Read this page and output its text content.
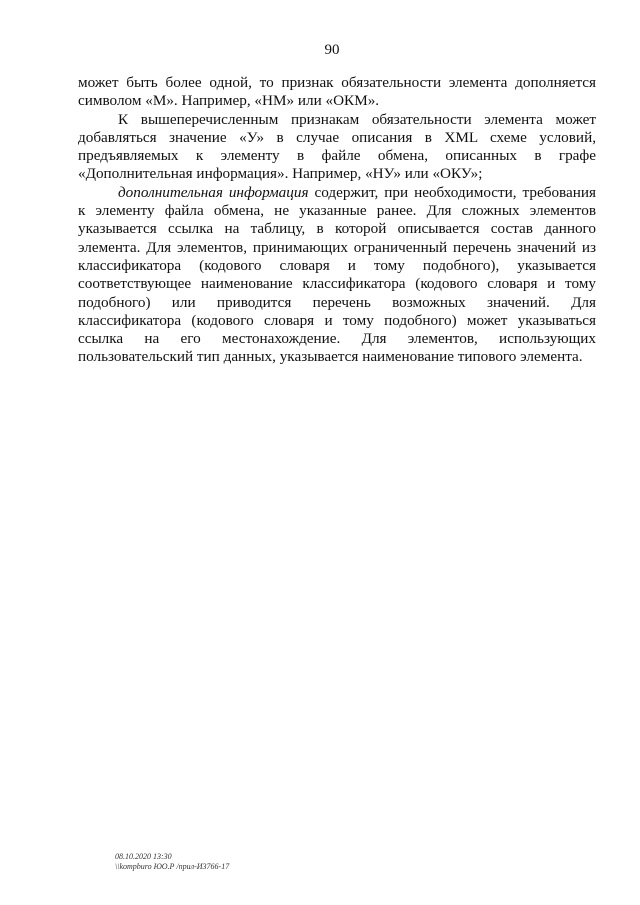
90

может быть более одной, то признак обязательности элемента дополняется символом «М». Например, «НМ» или «ОКМ».

К вышеперечисленным признакам обязательности элемента может добавляться значение «У» в случае описания в XML схеме условий, предъявляемых к элементу в файле обмена, описанных в графе «Дополнительная информация». Например, «НУ» или «ОКУ»;

дополнительная информация содержит, при необходимости, требования к элементу файла обмена, не указанные ранее. Для сложных элементов указывается ссылка на таблицу, в которой описывается состав данного элемента. Для элементов, принимающих ограниченный перечень значений из классификатора (кодового словаря и тому подобного), указывается соответствующее наименование классификатора (кодового словаря и тому подобного) или приводится перечень возможных значений. Для классификатора (кодового словаря и тому подобного) может указываться ссылка на его местонахождение. Для элементов, использующих пользовательский тип данных, указывается наименование типового элемента.

08.10.2020 13:30
\\kompburo ЮО.Р /прил-И3766-17
